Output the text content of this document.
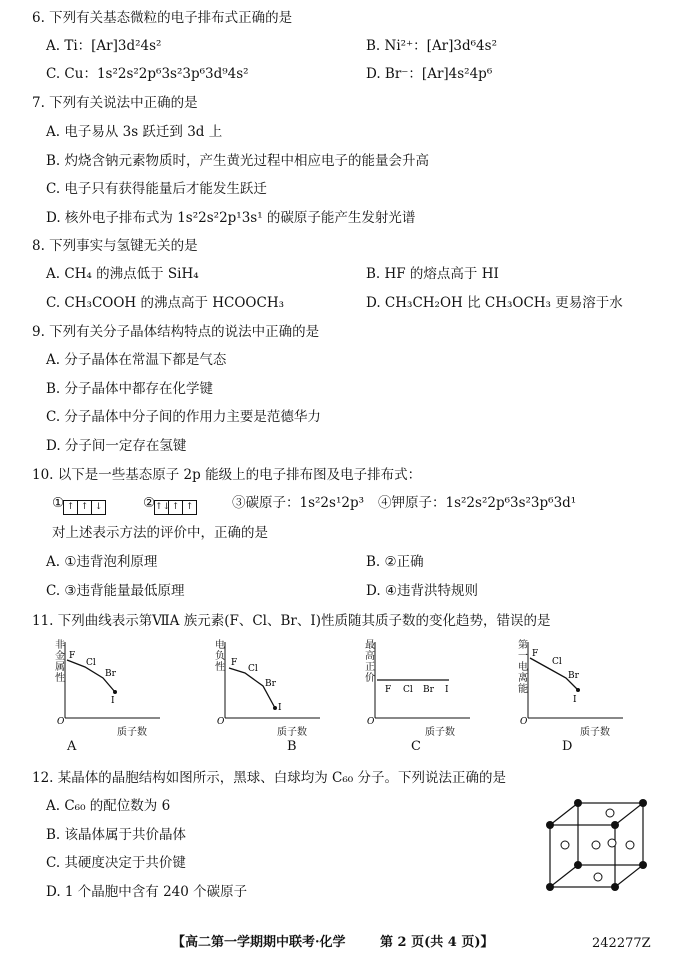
6. 下列有关基态微粒的电子排布式正确的是
A. Ti：[Ar]3d²4s²	B. Ni²⁺：[Ar]3d⁶4s²
C. Cu：1s²2s²2p⁶3s²3p⁶3d⁹4s²	D. Br⁻：[Ar]4s²4p⁶
7. 下列有关说法中正确的是
A. 电子易从 3s 跃迁到 3d 上
B. 灼烧含钠元素物质时，产生黄光过程中相应电子的能量会升高
C. 电子只有获得能量后才能发生跃迁
D. 核外电子排布式为 1s²2s²2p¹3s¹ 的碳原子能产生发射光谱
8. 下列事实与氢键无关的是
A. CH₄ 的沸点低于 SiH₄	B. HF 的熔点高于 HI
C. CH₃COOH 的沸点高于 HCOOCH₃	D. CH₃CH₂OH 比 CH₃OCH₃ 更易溶于水
9. 下列有关分子晶体结构特点的说法中正确的是
A. 分子晶体在常温下都是气态
B. 分子晶体中都存在化学键
C. 分子晶体中分子间的作用力主要是范德华力
D. 分子间一定存在氢键
10. 以下是一些基态原子 2p 能级上的电子排布图及电子排布式：
① ↑ ↑ ↓	②↑↓ ↑ ↑	③碳原子：1s²2s¹2p³ ④钾原子：1s²2s²2p⁶3s²3p⁶3d¹
对上述表示方法的评价中，正确的是
A. ①违背泡利原理	B. ②正确
C. ③违背能量最低原理	D. ④违背洪特规则
11. 下列曲线表示第ⅦA 族元素(F、Cl、Br、I)性质随其质子数的变化趋势，错误的是
非金属性
F
Cl
Br
I
O
质子数
A
电负性 F
Cl
Br
I
O
质子数
B
最高正价
F Cl Br I
O
质子数
C
第一电离能
F
Cl
Br
I
O
质子数
D
12. 某晶体的晶胞结构如图所示，黑球、白球均为 C₆₀ 分子。下列说法正确的是
A. C₆₀ 的配位数为 6
B. 该晶体属于共价晶体
C. 其硬度决定于共价键
D. 1 个晶胞中含有 240 个碳原子
【高二第一学期期中联考·化学	第 2 页(共 4 页)】	242277Z
